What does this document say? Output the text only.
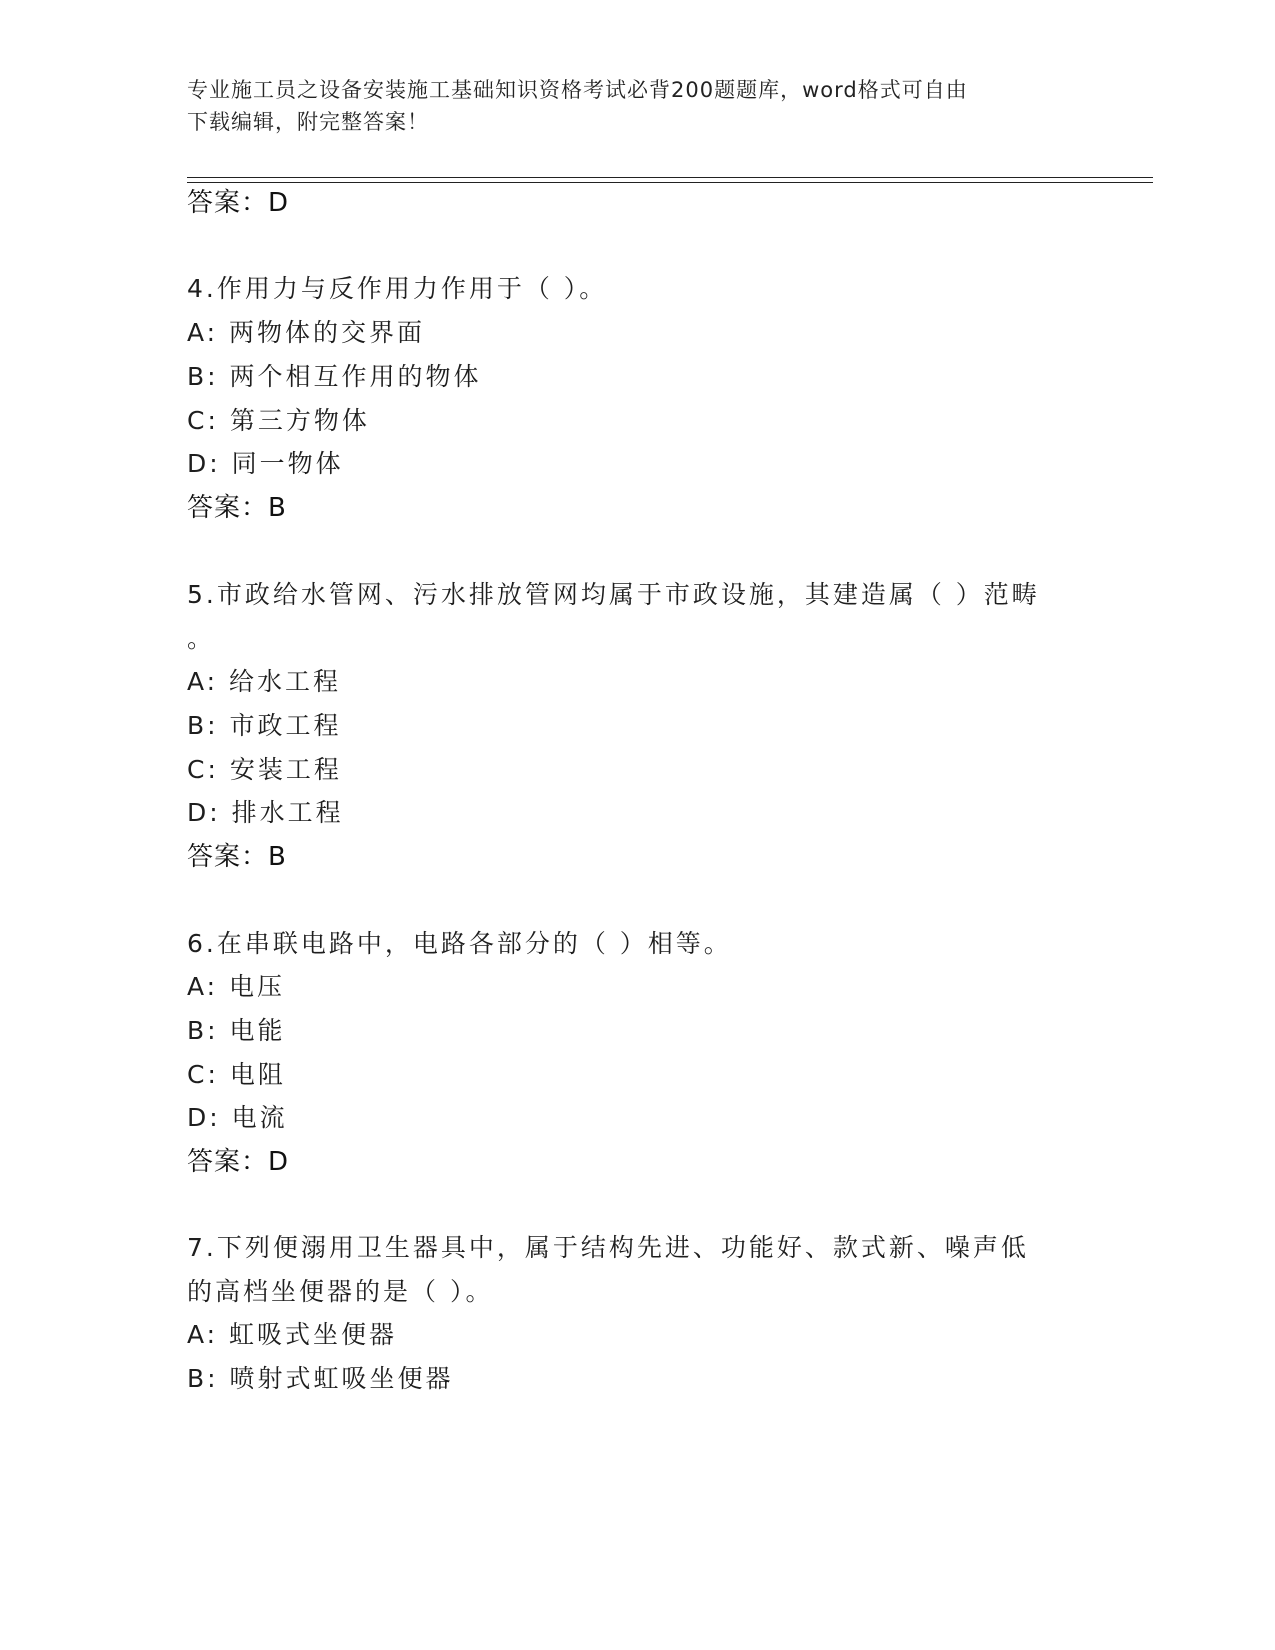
专业施工员之设备安装施工基础知识资格考试必背200题题库，word格式可自由
下载编辑，附完整答案！
答案：D
4.作用力与反作用力作用于（ ）。
A: 两物体的交界面
B: 两个相互作用的物体
C: 第三方物体
D: 同一物体
答案：B
5.市政给水管网、污水排放管网均属于市政设施，其建造属（ ）范畴
。
A: 给水工程
B: 市政工程
C: 安装工程
D: 排水工程
答案：B
6.在串联电路中，电路各部分的（ ）相等。
A: 电压
B: 电能
C: 电阻
D: 电流
答案：D
7.下列便溺用卫生器具中，属于结构先进、功能好、款式新、噪声低
的高档坐便器的是（ ）。
A: 虹吸式坐便器
B: 喷射式虹吸坐便器
